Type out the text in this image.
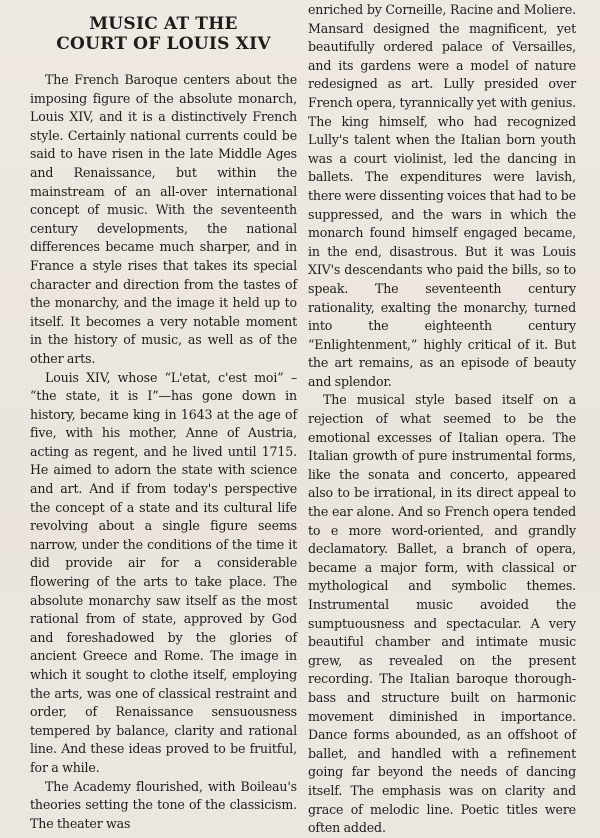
MUSIC AT THE
COURT OF LOUIS XIV

The French Baroque centers about the imposing figure of the absolute monarch, Louis XIV, and it is a distinctively French style. Certainly national currents could be said to have risen in the late Middle Ages and Renaissance, but within the mainstream of an all-over international concept of music. With the seventeenth century developments, the national differences became much sharper, and in France a style rises that takes its special character and direction from the tastes of the monarchy, and the image it held up to itself. It becomes a very notable moment in the history of music, as well as of the other arts.

Louis XIV, whose “L'etat, c'est moi” – “the state, it is I”—has gone down in history, became king in 1643 at the age of five, with his mother, Anne of Austria, acting as regent, and he lived until 1715. He aimed to adorn the state with science and art. And if from today's perspective the concept of a state and its cultural life revolving about a single figure seems narrow, under the conditions of the time it did provide air for a considerable flowering of the arts to take place. The absolute monarchy saw itself as the most rational from of state, approved by God and foreshadowed by the glories of ancient Greece and Rome. The image in which it sought to clothe itself, employing the arts, was one of classical restraint and order, of Renaissance sensuousness tempered by balance, clarity and rational line. And these ideas proved to be fruitful, for a while.

The Academy flourished, with Boileau's theories setting the tone of the classicism. The theater was

enriched by Corneille, Racine and Moliere. Mansard designed the magnificent, yet beautifully ordered palace of Versailles, and its gardens were a model of nature redesigned as art. Lully presided over French opera, tyrannically yet with genius. The king himself, who had recognized Lully's talent when the Italian born youth was a court violinist, led the dancing in ballets. The expenditures were lavish, there were dissenting voices that had to be suppressed, and the wars in which the monarch found himself engaged became, in the end, disastrous. But it was Louis XIV's descendants who paid the bills, so to speak. The seventeenth century rationality, exalting the monarchy, turned into the eighteenth century “Enlightenment,” highly critical of it. But the art remains, as an episode of beauty and splendor.

The musical style based itself on a rejection of what seemed to be the emotional excesses of Italian opera. The Italian growth of pure instrumental forms, like the sonata and concerto, appeared also to be irrational, in its direct appeal to the ear alone. And so French opera tended to e more word-oriented, and grandly declamatory. Ballet, a branch of opera, became a major form, with classical or mythological and symbolic themes. Instrumental music avoided the sumptuousness and spectacular. A very beautiful chamber and intimate music grew, as revealed on the present recording. The Italian baroque thorough-bass and structure built on harmonic movement diminished in importance. Dance forms abounded, as an offshoot of ballet, and handled with a refinement going far beyond the needs of dancing itself. The emphasis was on clarity and grace of melodic line. Poetic titles were often added.
